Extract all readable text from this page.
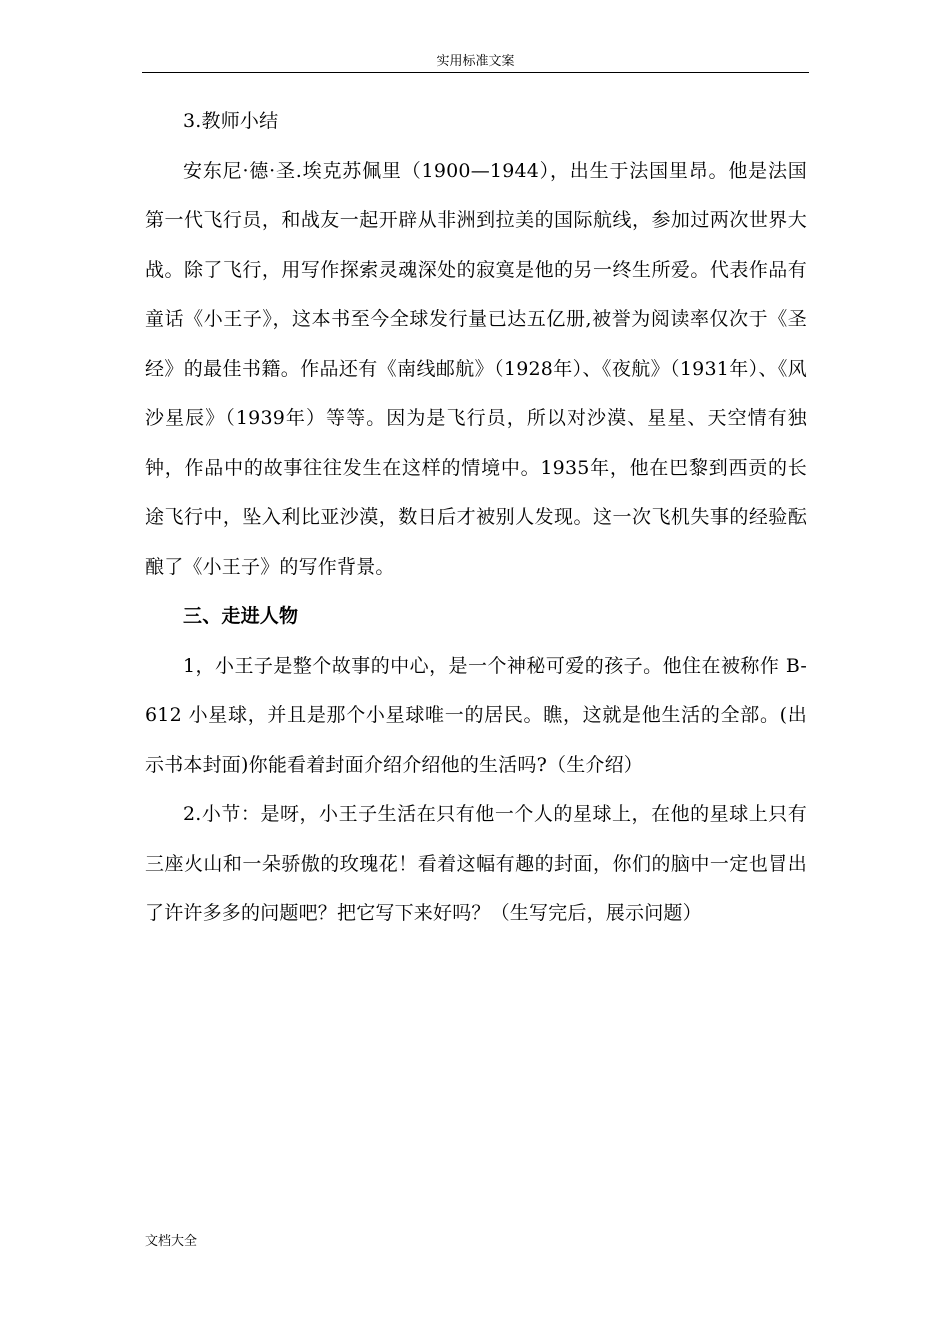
实用标准文案

3.教师小结

安东尼·德·圣.埃克苏佩里（1900—1944），出生于法国里昂。他是法国第一代飞行员，和战友一起开辟从非洲到拉美的国际航线，参加过两次世界大战。除了飞行，用写作探索灵魂深处的寂寞是他的另一终生所爱。代表作品有童话《小王子》，这本书至今全球发行量已达五亿册,被誉为阅读率仅次于《圣经》的最佳书籍。作品还有《南线邮航》（1928年）、《夜航》（1931年）、《风沙星辰》（1939年）等等。因为是飞行员，所以对沙漠、星星、天空情有独钟，作品中的故事往往发生在这样的情境中。1935年，他在巴黎到西贡的长途飞行中，坠入利比亚沙漠，数日后才被别人发现。这一次飞机失事的经验酝酿了《小王子》的写作背景。

三、走进人物

1，小王子是整个故事的中心，是一个神秘可爱的孩子。他住在被称作 B-612 小星球，并且是那个小星球唯一的居民。瞧，这就是他生活的全部。(出示书本封面)你能看着封面介绍介绍他的生活吗?（生介绍）

2.小节：是呀，小王子生活在只有他一个人的星球上，在他的星球上只有三座火山和一朵骄傲的玫瑰花！看着这幅有趣的封面，你们的脑中一定也冒出了许许多多的问题吧？把它写下来好吗？（生写完后，展示问题）

文档大全
